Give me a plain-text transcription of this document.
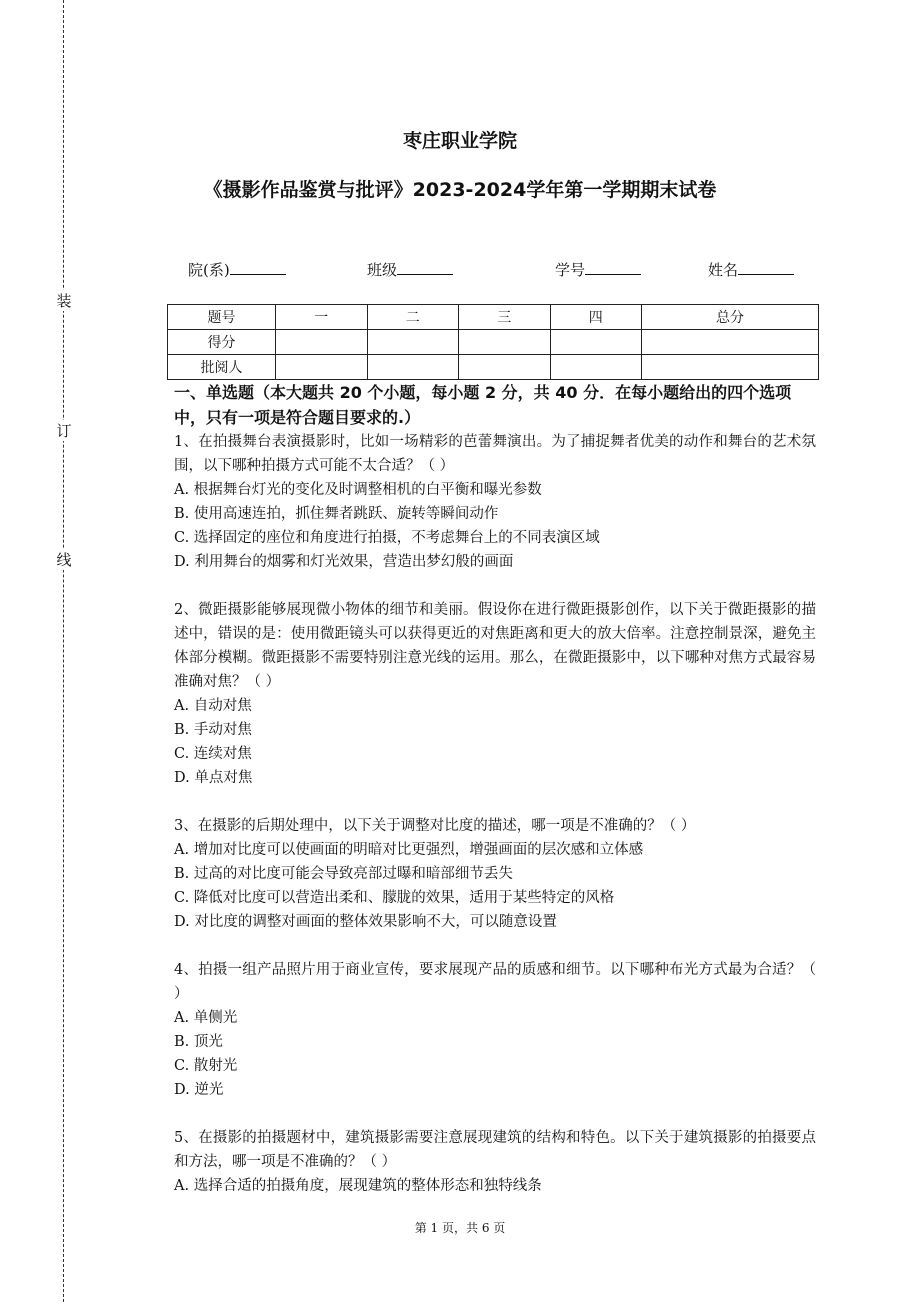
装
订
线
枣庄职业学院
《摄影作品鉴赏与批评》2023-2024学年第一学期期末试卷
院(系)	班级	学号	姓名
题号	一	二	三	四	总分
得分					
批阅人					
一、单选题（本大题共 20 个小题，每小题 2 分，共 40 分．在每小题给出的四个选项中，只有一项是符合题目要求的.）
1、在拍摄舞台表演摄影时，比如一场精彩的芭蕾舞演出。为了捕捉舞者优美的动作和舞台的艺术氛围，以下哪种拍摄方式可能不太合适？（ ）
A. 根据舞台灯光的变化及时调整相机的白平衡和曝光参数
B. 使用高速连拍，抓住舞者跳跃、旋转等瞬间动作
C. 选择固定的座位和角度进行拍摄，不考虑舞台上的不同表演区域
D. 利用舞台的烟雾和灯光效果，营造出梦幻般的画面
2、微距摄影能够展现微小物体的细节和美丽。假设你在进行微距摄影创作，以下关于微距摄影的描述中，错误的是：使用微距镜头可以获得更近的对焦距离和更大的放大倍率。注意控制景深，避免主体部分模糊。微距摄影不需要特别注意光线的运用。那么，在微距摄影中，以下哪种对焦方式最容易准确对焦？（ ）
A. 自动对焦
B. 手动对焦
C. 连续对焦
D. 单点对焦
3、在摄影的后期处理中，以下关于调整对比度的描述，哪一项是不准确的？（ ）
A. 增加对比度可以使画面的明暗对比更强烈，增强画面的层次感和立体感
B. 过高的对比度可能会导致亮部过曝和暗部细节丢失
C. 降低对比度可以营造出柔和、朦胧的效果，适用于某些特定的风格
D. 对比度的调整对画面的整体效果影响不大，可以随意设置
4、拍摄一组产品照片用于商业宣传，要求展现产品的质感和细节。以下哪种布光方式最为合适？（ ）
A. 单侧光
B. 顶光
C. 散射光
D. 逆光
5、在摄影的拍摄题材中，建筑摄影需要注意展现建筑的结构和特色。以下关于建筑摄影的拍摄要点和方法，哪一项是不准确的？（ ）
A. 选择合适的拍摄角度，展现建筑的整体形态和独特线条
第 1 页，共 6 页
